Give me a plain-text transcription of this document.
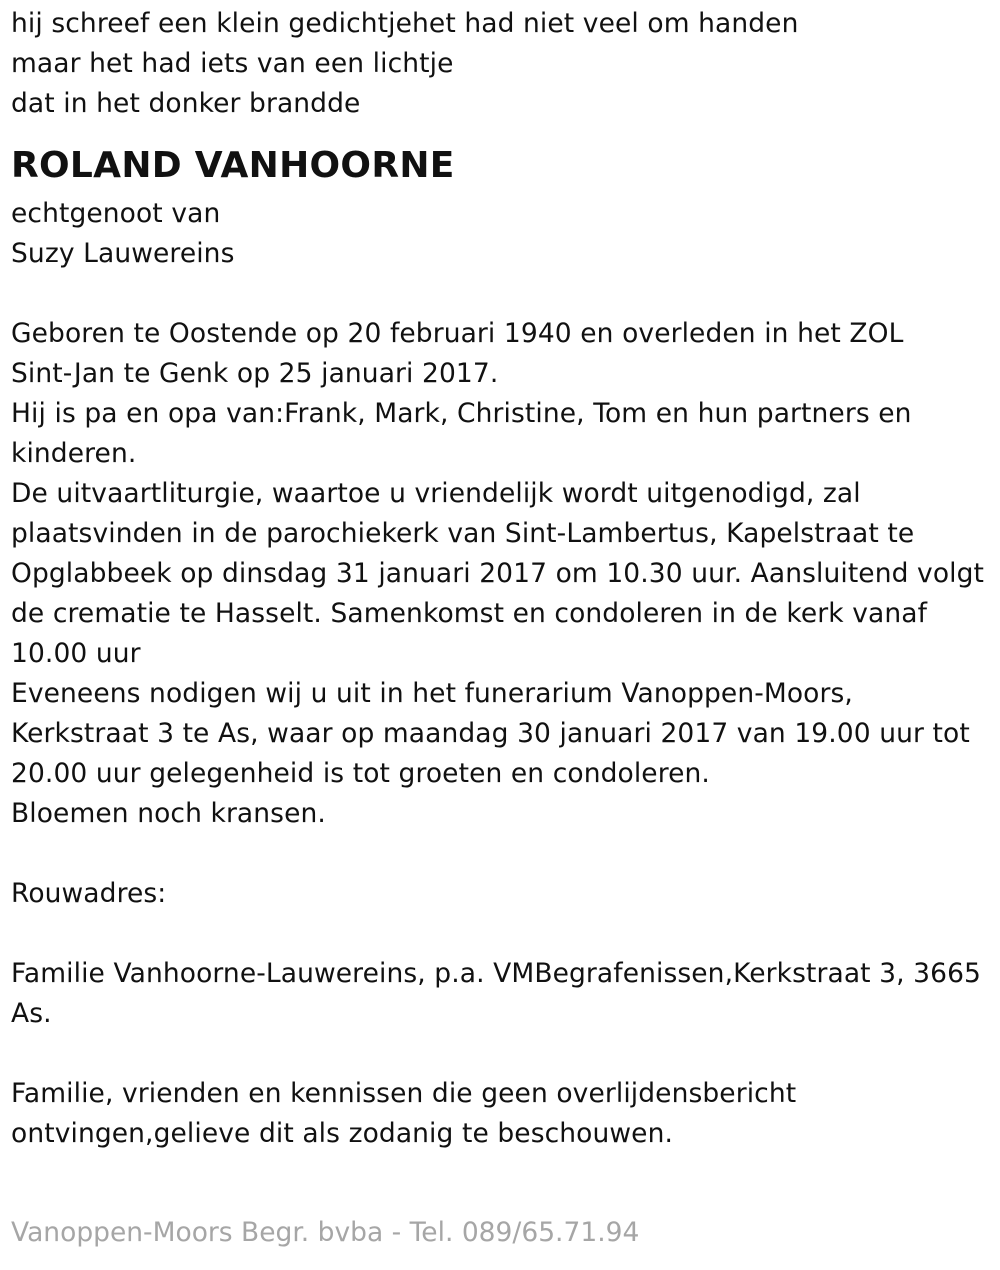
hij schreef een klein gedichtjehet had niet veel om handen
maar het had iets van een lichtje
dat in het donker brandde
ROLAND VANHOORNE
echtgenoot van
Suzy Lauwereins
Geboren te Oostende op 20 februari 1940 en overleden in het ZOL
Sint-Jan te Genk op 25 januari 2017.
Hij is pa en opa van:Frank, Mark, Christine, Tom en hun partners en
kinderen.
De uitvaartliturgie, waartoe u vriendelijk wordt uitgenodigd, zal
plaatsvinden in de parochiekerk van Sint-Lambertus, Kapelstraat te
Opglabbeek op dinsdag 31 januari 2017 om 10.30 uur. Aansluitend volgt
de crematie te Hasselt. Samenkomst en condoleren in de kerk vanaf
10.00 uur
Eveneens nodigen wij u uit in het funerarium Vanoppen-Moors,
Kerkstraat 3 te As, waar op maandag 30 januari 2017 van 19.00 uur tot
20.00 uur gelegenheid is tot groeten en condoleren.
Bloemen noch kransen.
Rouwadres:
Familie Vanhoorne-Lauwereins, p.a. VMBegrafenissen,Kerkstraat 3, 3665
As.
Familie, vrienden en kennissen die geen overlijdensbericht
ontvingen,gelieve dit als zodanig te beschouwen.
Vanoppen-Moors Begr. bvba - Tel. 089/65.71.94
